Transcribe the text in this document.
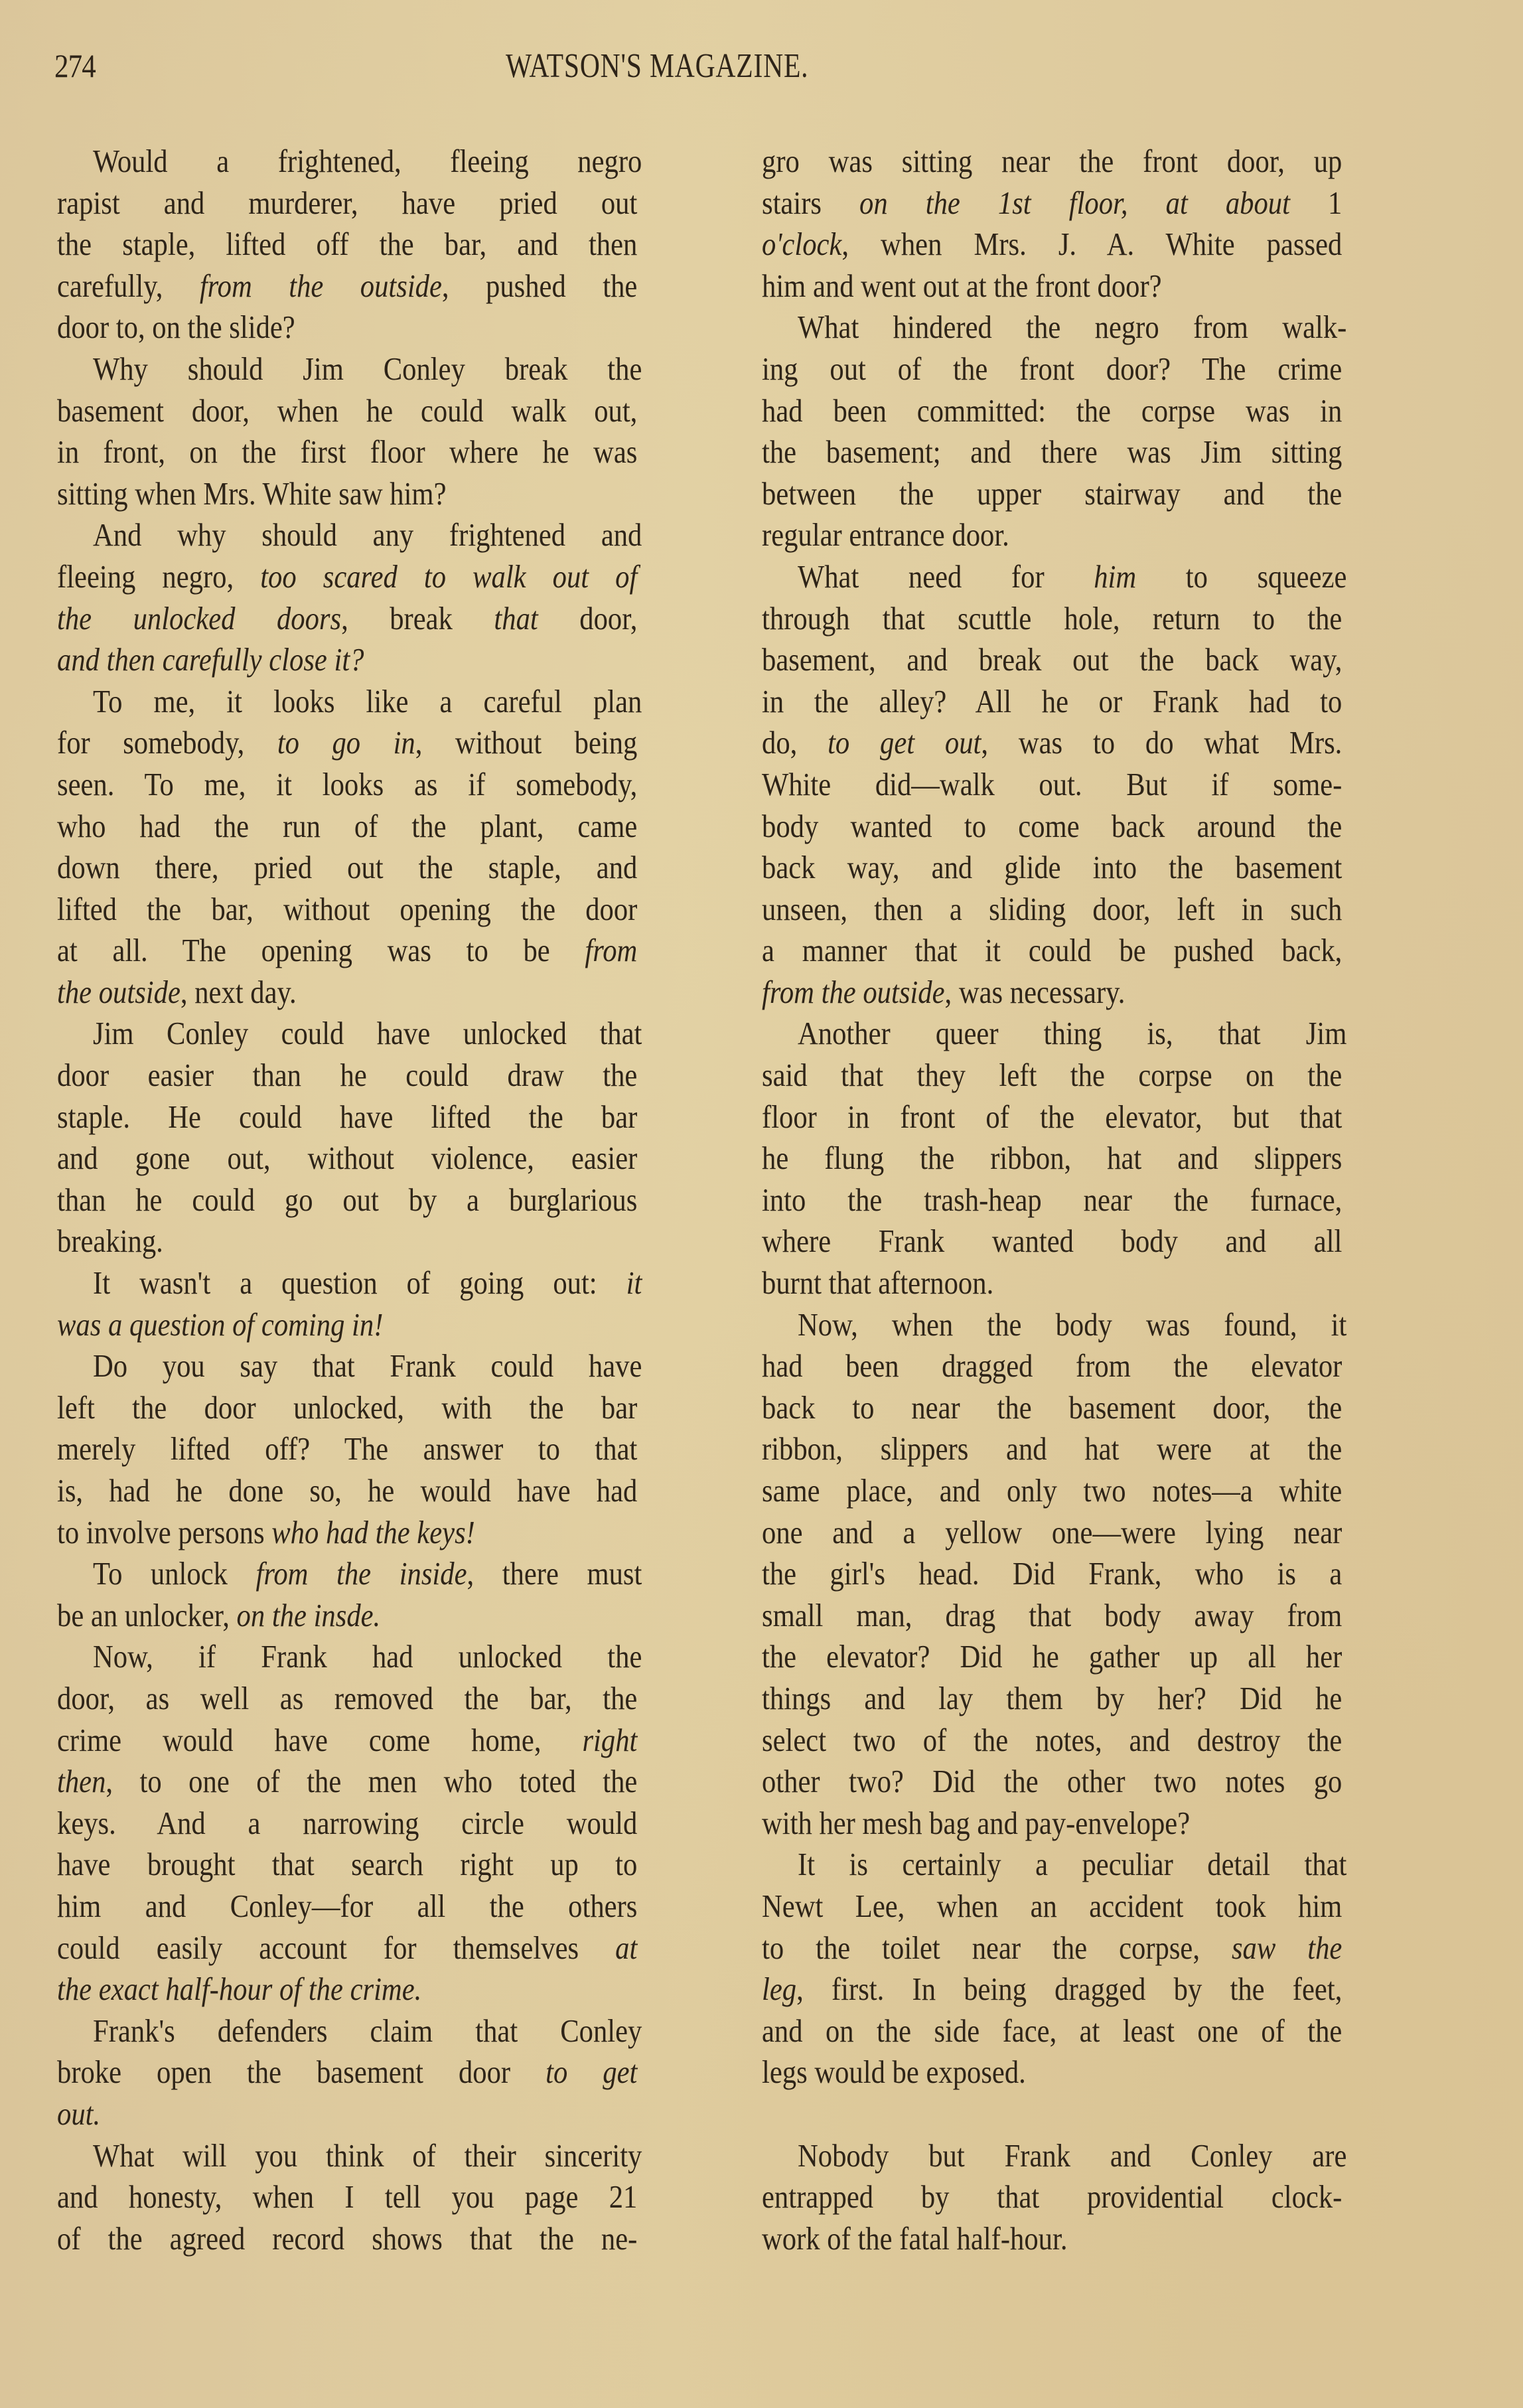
274	WATSON'S MAGAZINE.
Would a frightened, fleeing negro
rapist and murderer, have pried out
the staple, lifted off the bar, and then
carefully, from the outside, pushed the
door to, on the slide?
Why should Jim Conley break the
basement door, when he could walk out,
in front, on the first floor where he was
sitting when Mrs. White saw him?
And why should any frightened and
fleeing negro, too scared to walk out of
the unlocked doors, break that door,
and then carefully close it?
To me, it looks like a careful plan
for somebody, to go in, without being
seen. To me, it looks as if somebody,
who had the run of the plant, came
down there, pried out the staple, and
lifted the bar, without opening the door
at all. The opening was to be from
the outside, next day.
Jim Conley could have unlocked that
door easier than he could draw the
staple. He could have lifted the bar
and gone out, without violence, easier
than he could go out by a burglarious
breaking.
It wasn't a question of going out: it
was a question of coming in!
Do you say that Frank could have
left the door unlocked, with the bar
merely lifted off? The answer to that
is, had he done so, he would have had
to involve persons who had the keys!
To unlock from the inside, there must
be an unlocker, on the insde.
Now, if Frank had unlocked the
door, as well as removed the bar, the
crime would have come home, right
then, to one of the men who toted the
keys. And a narrowing circle would
have brought that search right up to
him and Conley—for all the others
could easily account for themselves at
the exact half-hour of the crime.
Frank's defenders claim that Conley
broke open the basement door to get
out.
What will you think of their sincerity
and honesty, when I tell you page 21
of the agreed record shows that the ne-
gro was sitting near the front door, up
stairs on the 1st floor, at about 1
o'clock, when Mrs. J. A. White passed
him and went out at the front door?
What hindered the negro from walk-
ing out of the front door? The crime
had been committed: the corpse was in
the basement; and there was Jim sitting
between the upper stairway and the
regular entrance door.
What need for him to squeeze
through that scuttle hole, return to the
basement, and break out the back way,
in the alley? All he or Frank had to
do, to get out, was to do what Mrs.
White did—walk out. But if some-
body wanted to come back around the
back way, and glide into the basement
unseen, then a sliding door, left in such
a manner that it could be pushed back,
from the outside, was necessary.
Another queer thing is, that Jim
said that they left the corpse on the
floor in front of the elevator, but that
he flung the ribbon, hat and slippers
into the trash-heap near the furnace,
where Frank wanted body and all
burnt that afternoon.
Now, when the body was found, it
had been dragged from the elevator
back to near the basement door, the
ribbon, slippers and hat were at the
same place, and only two notes—a white
one and a yellow one—were lying near
the girl's head. Did Frank, who is a
small man, drag that body away from
the elevator? Did he gather up all her
things and lay them by her? Did he
select two of the notes, and destroy the
other two? Did the other two notes go
with her mesh bag and pay-envelope?
It is certainly a peculiar detail that
Newt Lee, when an accident took him
to the toilet near the corpse, saw the
leg, first. In being dragged by the feet,
and on the side face, at least one of the
legs would be exposed.
Nobody but Frank and Conley are
entrapped by that providential clock-
work of the fatal half-hour.
